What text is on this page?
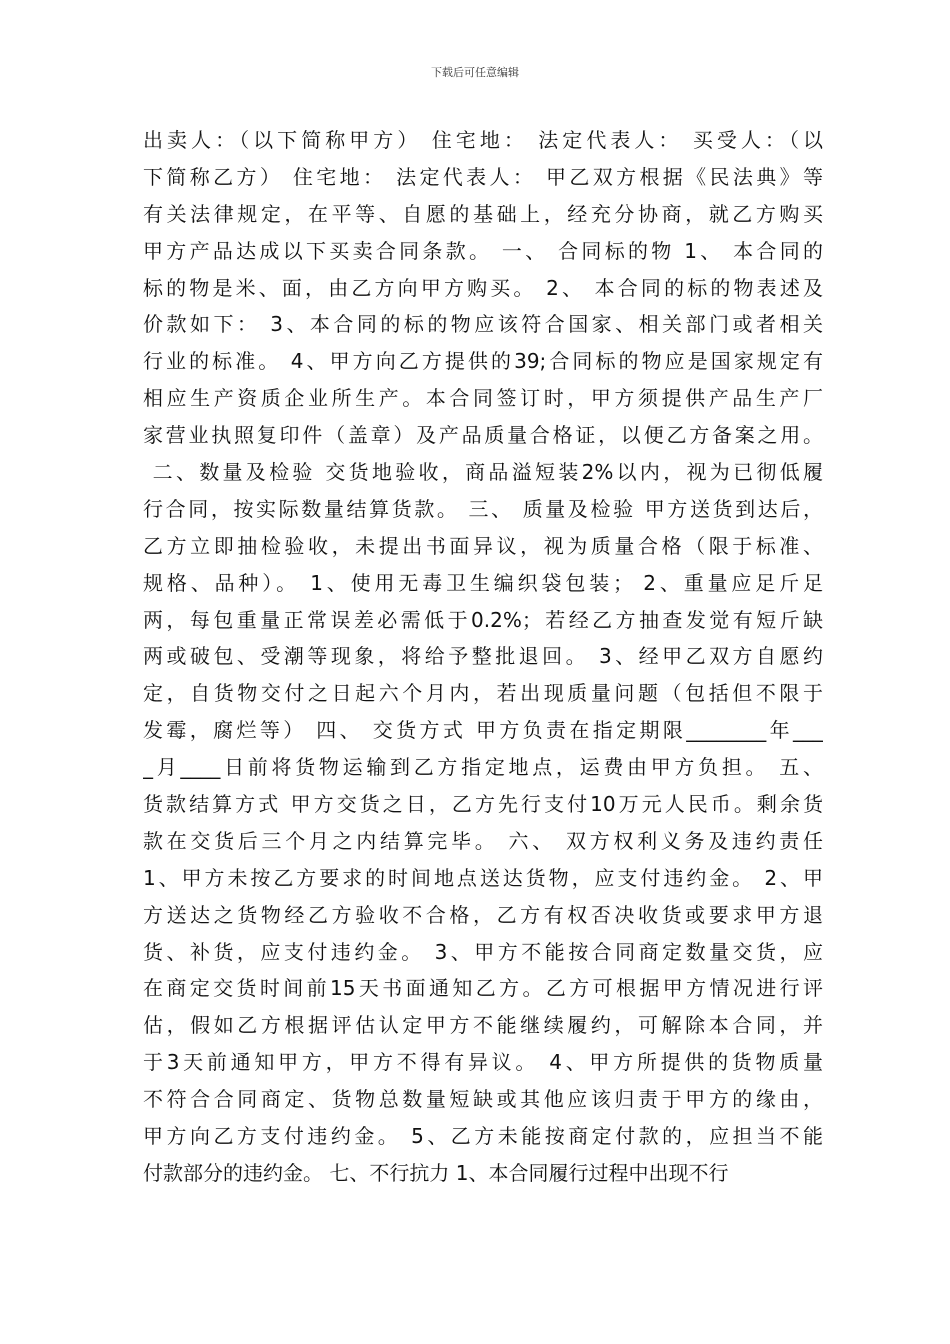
下载后可任意编辑
出卖人：（以下简称甲方） 住宅地： 法定代表人： 买受人：（以
下简称乙方） 住宅地： 法定代表人： 甲乙双方根据《民法典》等
有关法律规定，在平等、自愿的基础上，经充分协商，就乙方购买
甲方产品达成以下买卖合同条款。 一、 合同标的物 1、 本合同的
标的物是米、面，由乙方向甲方购买。 2、 本合同的标的物表述及
价款如下： 3、本合同的标的物应该符合国家、相关部门或者相关
行业的标准。 4、甲方向乙方提供的39;合同标的物应是国家规定有
相应生产资质企业所生产。本合同签订时，甲方须提供产品生产厂
家营业执照复印件（盖章）及产品质量合格证，以便乙方备案之用。
二、数量及检验 交货地验收，商品溢短装2%以内，视为已彻低履
行合同，按实际数量结算货款。 三、 质量及检验 甲方送货到达后，
乙方立即抽检验收，未提出书面异议，视为质量合格（限于标准、
规格、品种）。 1、使用无毒卫生编织袋包装； 2、重量应足斤足
两，每包重量正常误差必需低于0.2%；若经乙方抽查发觉有短斤缺
两或破包、受潮等现象，将给予整批退回。 3、经甲乙双方自愿约
定，自货物交付之日起六个月内，若出现质量问题（包括但不限于
发霉，腐烂等） 四、 交货方式 甲方负责在指定期限________年___
_月____日前将货物运输到乙方指定地点，运费由甲方负担。 五、
货款结算方式 甲方交货之日，乙方先行支付10万元人民币。剩余货
款在交货后三个月之内结算完毕。 六、 双方权利义务及违约责任
1、甲方未按乙方要求的时间地点送达货物，应支付违约金。 2、甲
方送达之货物经乙方验收不合格，乙方有权否决收货或要求甲方退
货、补货，应支付违约金。 3、甲方不能按合同商定数量交货，应
在商定交货时间前15天书面通知乙方。乙方可根据甲方情况进行评
估，假如乙方根据评估认定甲方不能继续履约，可解除本合同，并
于3天前通知甲方，甲方不得有异议。 4、甲方所提供的货物质量
不符合合同商定、货物总数量短缺或其他应该归责于甲方的缘由，
甲方向乙方支付违约金。 5、乙方未能按商定付款的，应担当不能
付款部分的违约金。 七、不行抗力 1、本合同履行过程中出现不行
